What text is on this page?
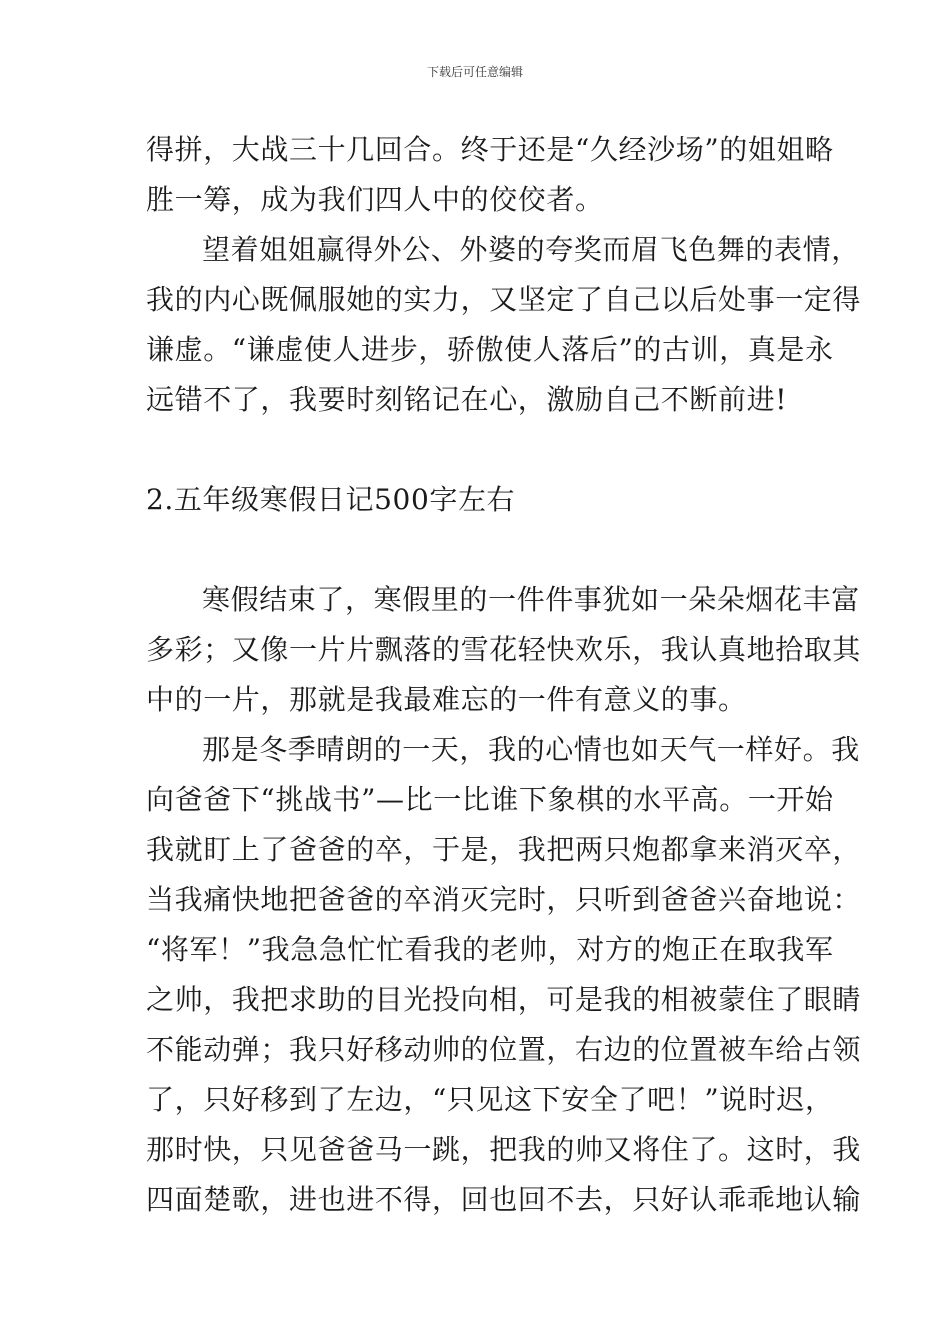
下载后可任意编辑
得拼，大战三十几回合。终于还是“久经沙场”的姐姐略
胜一筹，成为我们四人中的佼佼者。
望着姐姐赢得外公、外婆的夸奖而眉飞色舞的表情，
我的内心既佩服她的实力，又坚定了自己以后处事一定得
谦虚。“谦虚使人进步，骄傲使人落后”的古训，真是永
远错不了，我要时刻铭记在心，激励自己不断前进!
2.五年级寒假日记500字左右
寒假结束了，寒假里的一件件事犹如一朵朵烟花丰富
多彩；又像一片片飘落的雪花轻快欢乐，我认真地拾取其
中的一片，那就是我最难忘的一件有意义的事。
那是冬季晴朗的一天，我的心情也如天气一样好。我
向爸爸下“挑战书”—比一比谁下象棋的水平高。一开始
我就盯上了爸爸的卒，于是，我把两只炮都拿来消灭卒，
当我痛快地把爸爸的卒消灭完时，只听到爸爸兴奋地说：
“将军！”我急急忙忙看我的老帅，对方的炮正在取我军
之帅，我把求助的目光投向相，可是我的相被蒙住了眼睛
不能动弹；我只好移动帅的位置，右边的位置被车给占领
了，只好移到了左边，“只见这下安全了吧！”说时迟，
那时快，只见爸爸马一跳，把我的帅又将住了。这时，我
四面楚歌，进也进不得，回也回不去，只好认乖乖地认输
